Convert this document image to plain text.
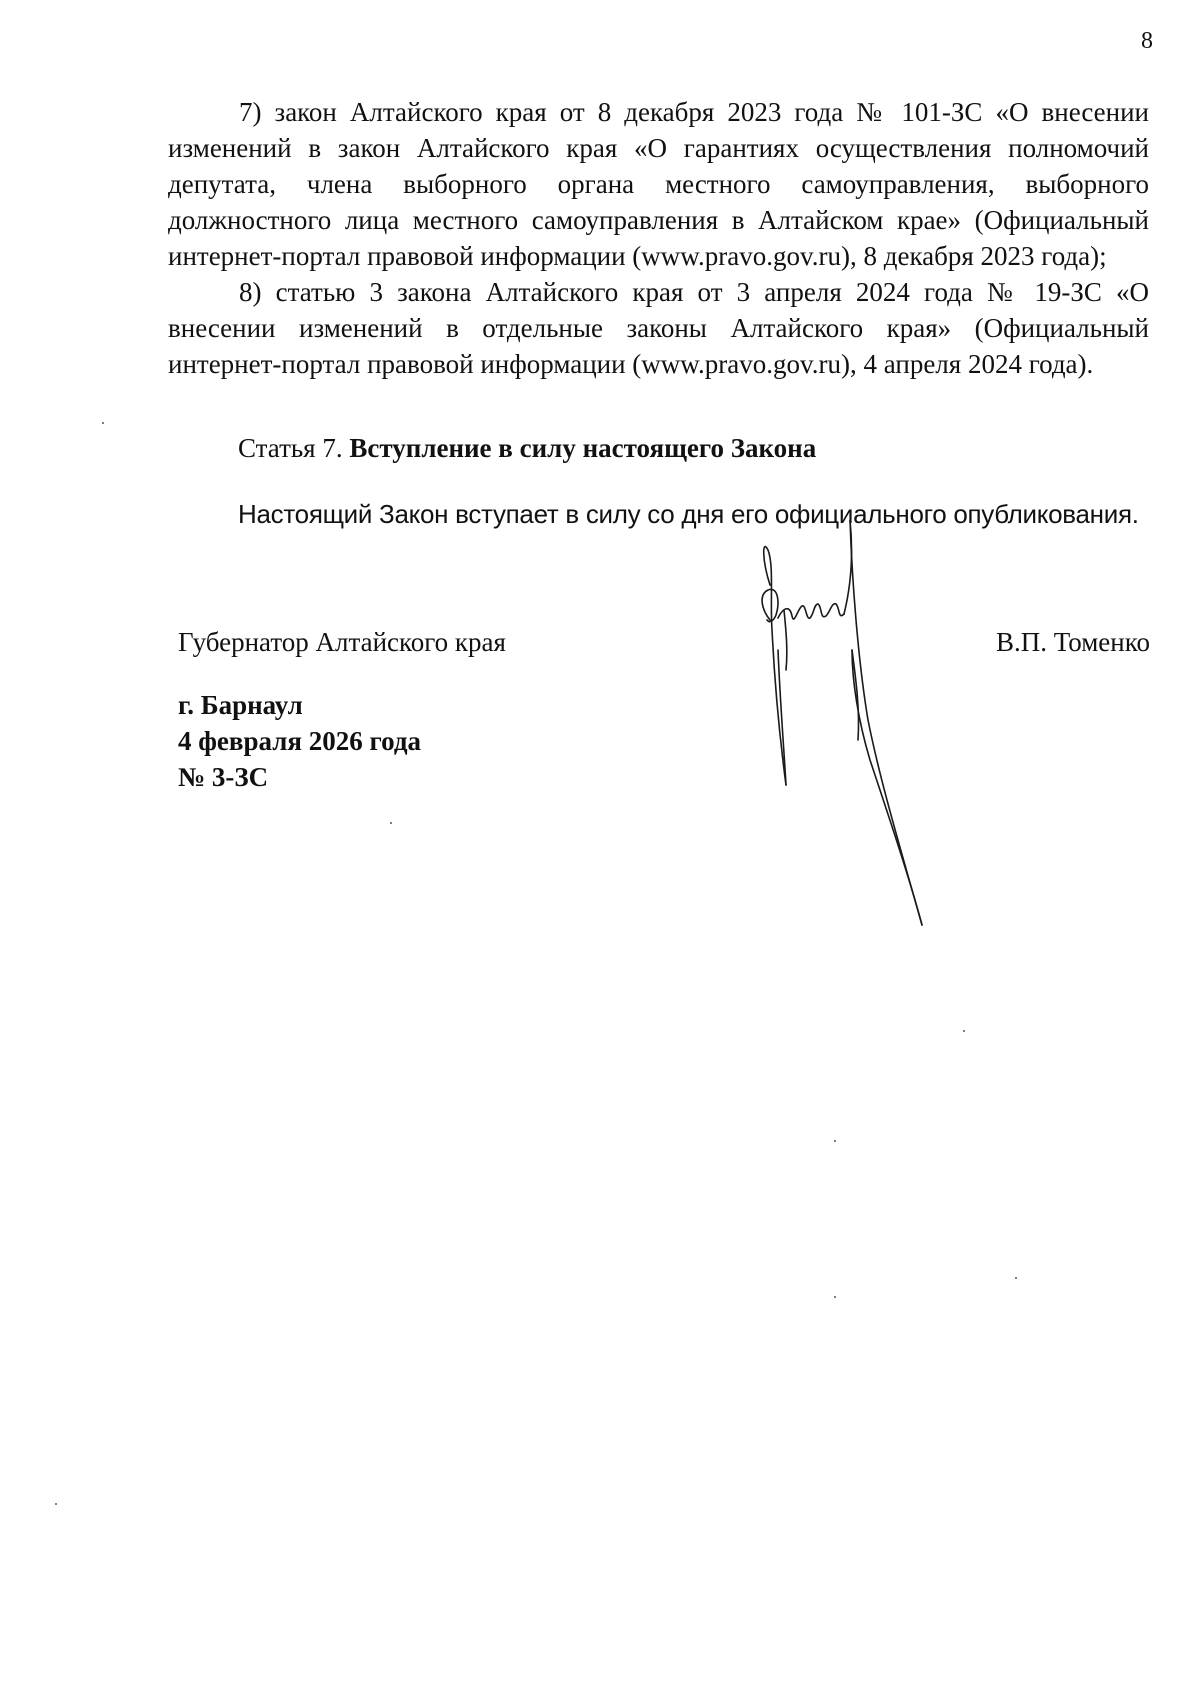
8

7) закон Алтайского края от 8 декабря 2023 года № 101-ЗС «О внесении изменений в закон Алтайского края «О гарантиях осуществления полномочий депутата, члена выборного органа местного самоуправления, выборного должностного лица местного самоуправления в Алтайском крае» (Официальный интернет-портал правовой информации (www.pravo.gov.ru), 8 декабря 2023 года);

8) статью 3 закона Алтайского края от 3 апреля 2024 года № 19-ЗС «О внесении изменений в отдельные законы Алтайского края» (Официальный интернет-портал правовой информации (www.pravo.gov.ru), 4 апреля 2024 года).

Статья 7. Вступление в силу настоящего Закона
Настоящий Закон вступает в силу со дня его официального опубликования.
Губернатор Алтайского края	В.П. Томенко
г. Барнаул
4 февраля 2026 года
№ 3-ЗС
